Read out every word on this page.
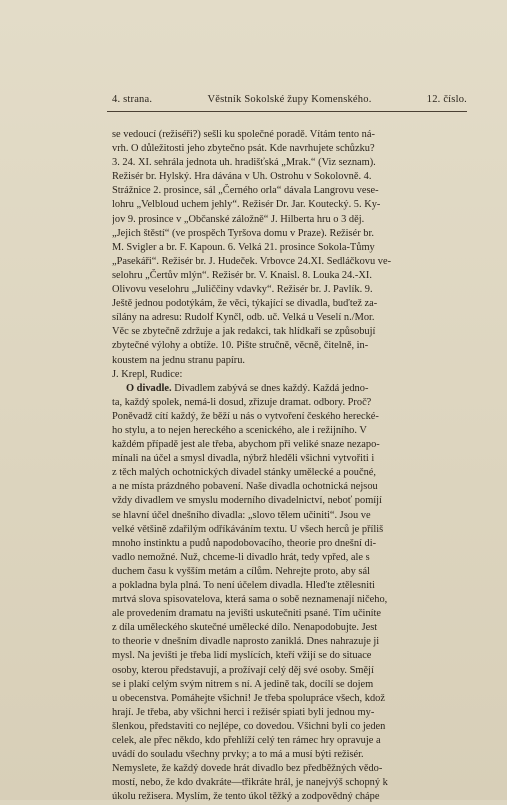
4. strana.	Věstník Sokolské župy Komenského.	12. číslo.
se vedoucí (režiséři?) sešli ku společné poradě. Vítám tento ná-
vrh. O důležitosti jeho zbytečno psát. Kde navrhujete schůzku?
3. 24. XI. sehrála jednota uh. hradišťská „Mrak.“ (Viz seznam).
Režisér br. Hylský. Hra dávána v Uh. Ostrohu v Sokolovně. 4.
Strážnice 2. prosince, sál „Černého orla“ dávala Langrovu vese-
lohru „Velbloud uchem jehly“. Režisér Dr. Jar. Koutecký. 5. Ky-
jov 9. prosince v „Občanské záložně“ J. Hilberta hru o 3 děj.
„Jejich štěstí“ (ve prospěch Tyršova domu v Praze). Režisér br.
M. Svigler a br. F. Kapoun. 6. Velká 21. prosince Sokola-Tůmy
„Pasekáři“. Režisér br. J. Hudeček. Vrbovce 24.XI. Sedláčkovu ve-
selohru „Čertův mlýn“. Režisér br. V. Knaisl. 8. Louka 24.-XI.
Olivovu veselohru „Juliččiny vdavky“. Režisér br. J. Pavlík. 9.
Ještě jednou podotýkám, že věci, týkající se divadla, buďtež za-
sílány na adresu: Rudolf Kynčl, odb. uč. Velká u Veselí n./Mor.
Věc se zbytečně zdržuje a jak redakci, tak hlídkaři se způsobují
zbytečné výlohy a obtíže. 10. Pište stručně, věcně, čitelně, in-
koustem na jednu stranu papíru.
J. Krepl, Rudice:
O divadle. Divadlem zabývá se dnes každý. Každá jedno-
ta, každý spolek, nemá-li dosud, zřizuje dramat. odbory. Proč?
Poněvadž cítí každý, že běží u nás o vytvoření českého herecké-
ho stylu, a to nejen hereckého a scenického, ale i režijního. V
každém případě jest ale třeba, abychom při veliké snaze nezapo-
mínali na účel a smysl divadla, nýbrž hleděli všichni vytvořiti i
z těch malých ochotnických divadel stánky umělecké a poučné,
a ne místa prázdného pobavení. Naše divadla ochotnická nejsou
vždy divadlem ve smyslu moderního divadelnictví, neboť pomíjí
se hlavní účel dnešního divadla: „slovo tělem učiniti“. Jsou ve
velké většině zdařilým odříkáváním textu. U všech herců je příliš
mnoho instinktu a pudů napodobovacího, theorie pro dnešní di-
vadlo nemožné. Nuž, chceme-li divadlo hrát, tedy vpřed, ale s
duchem času k vyšším metám a cílům. Nehrejte proto, aby sál
a pokladna byla plná. To není účelem divadla. Hleďte ztělesniti
mrtvá slova spisovatelova, která sama o sobě neznamenají ničeho,
ale provedením dramatu na jevišti uskutečniti psané. Tím učiníte
z díla uměleckého skutečné umělecké dílo. Nenapodobujte. Jest
to theorie v dnešním divadle naprosto zaniklá. Dnes nahrazuje ji
mysl. Na jevišti je třeba lidí myslících, kteří vžijí se do situace
osoby, kterou představují, a prožívají celý děj své osoby. Smějí
se i plakí celým svým nitrem s ní. A jedině tak, docílí se dojem
u obecenstva. Pomáhejte všichni! Je třeba spolupráce všech, kdož
hrají. Je třeba, aby všichni herci i režisér spiati byli jednou my-
šlenkou, představiti co nejlépe, co dovedou. Všichni byli co jeden
celek, ale přec někdo, kdo přehlíží celý ten rámec hry opravuje a
uvádí do souladu všechny prvky; a to má a musí býti režisér.
Nemyslete, že každý dovede hrát divadlo bez předběžných vědo-
mostí, nebo, že kdo dvakráte—třikráte hrál, je nanejvýš schopný k
úkolu režisera. Myslím, že tento úkol těžký a zodpovědný chápe
